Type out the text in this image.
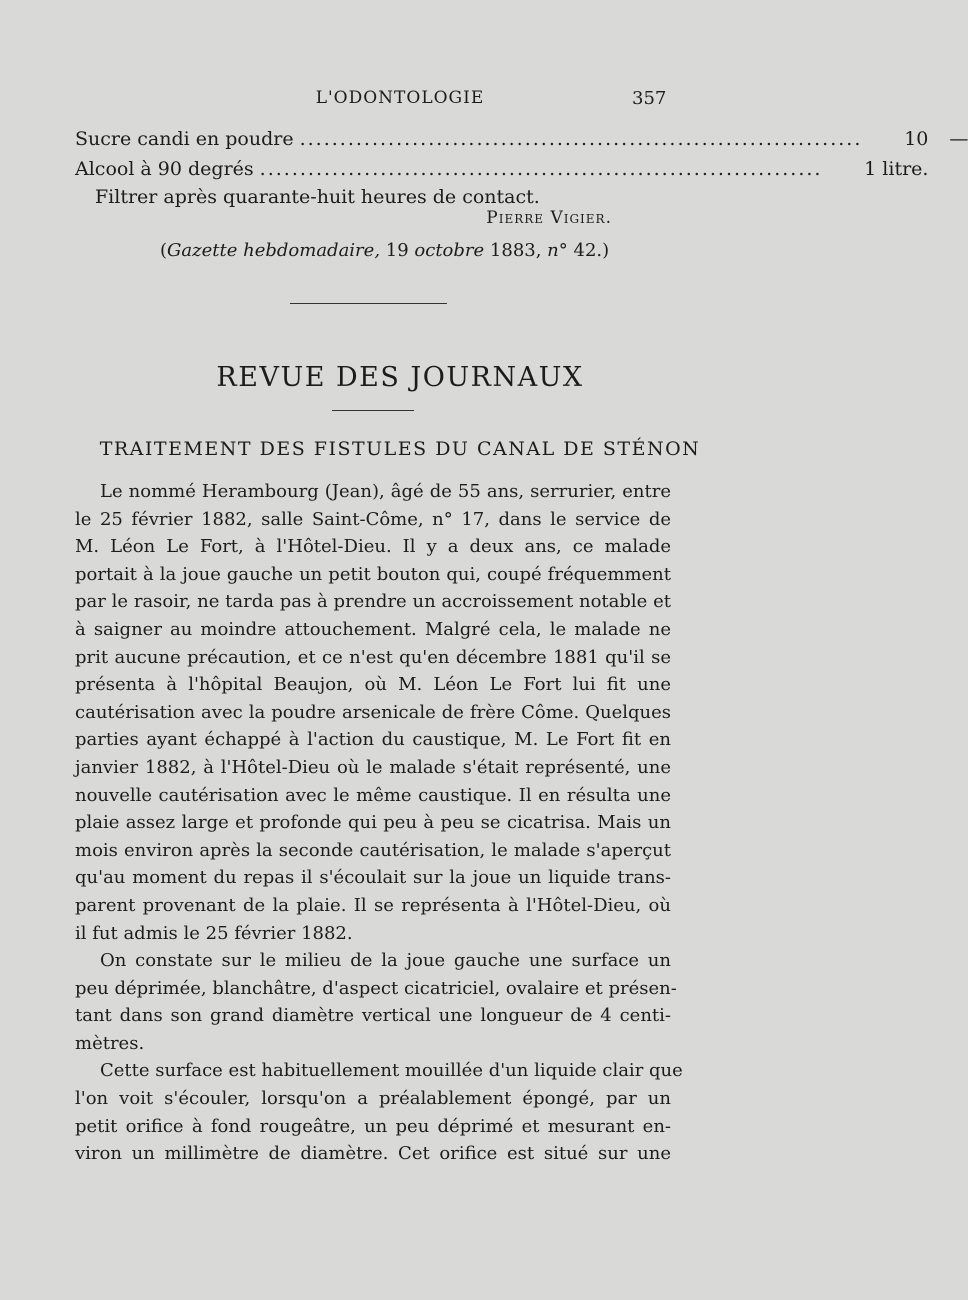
L'ODONTOLOGIE	357
Sucre candi en poudre ......................................................................	10	—
Alcool à 90 degrés ......................................................................	1 litre.
Filtrer après quarante-huit heures de contact.
Pierre Vigier.
(Gazette hebdomadaire, 19 octobre 1883, n° 42.)
REVUE DES JOURNAUX
TRAITEMENT DES FISTULES DU CANAL DE STÉNON
Le nommé Herambourg (Jean), âgé de 55 ans, serrurier, entre
le 25 février 1882, salle Saint-Côme, n° 17, dans le service de
M. Léon Le Fort, à l'Hôtel-Dieu. Il y a deux ans, ce malade
portait à la joue gauche un petit bouton qui, coupé fréquemment
par le rasoir, ne tarda pas à prendre un accroissement notable et
à saigner au moindre attouchement. Malgré cela, le malade ne
prit aucune précaution, et ce n'est qu'en décembre 1881 qu'il se
présenta à l'hôpital Beaujon, où M. Léon Le Fort lui fit une
cautérisation avec la poudre arsenicale de frère Côme. Quelques
parties ayant échappé à l'action du caustique, M. Le Fort fit en
janvier 1882, à l'Hôtel-Dieu où le malade s'était représenté, une
nouvelle cautérisation avec le même caustique. Il en résulta une
plaie assez large et profonde qui peu à peu se cicatrisa. Mais un
mois environ après la seconde cautérisation, le malade s'aperçut
qu'au moment du repas il s'écoulait sur la joue un liquide trans-
parent provenant de la plaie. Il se représenta à l'Hôtel-Dieu, où
il fut admis le 25 février 1882.
On constate sur le milieu de la joue gauche une surface un
peu déprimée, blanchâtre, d'aspect cicatriciel, ovalaire et présen-
tant dans son grand diamètre vertical une longueur de 4 centi-
mètres.
Cette surface est habituellement mouillée d'un liquide clair que
l'on voit s'écouler, lorsqu'on a préalablement épongé, par un
petit orifice à fond rougeâtre, un peu déprimé et mesurant en-
viron un millimètre de diamètre. Cet orifice est situé sur une
